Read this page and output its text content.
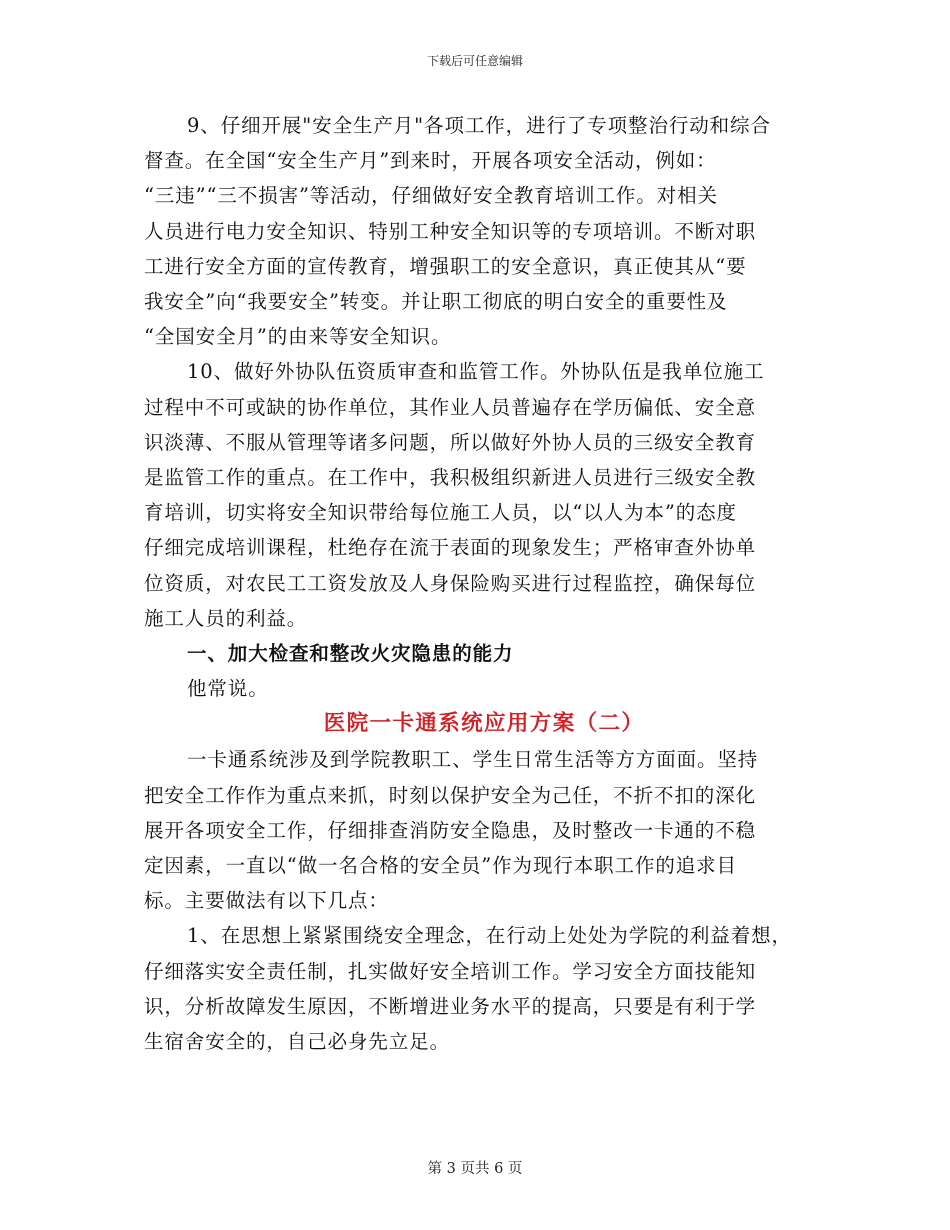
下载后可任意编辑
9、仔细开展"安全生产月"各项工作，进行了专项整治行动和综合
督查。在全国“安全生产月”到来时，开展各项安全活动，例如：
“三违”“三不损害”等活动，仔细做好安全教育培训工作。对相关
人员进行电力安全知识、特别工种安全知识等的专项培训。不断对职
工进行安全方面的宣传教育，增强职工的安全意识，真正使其从“要
我安全”向“我要安全”转变。并让职工彻底的明白安全的重要性及
“全国安全月”的由来等安全知识。
10、做好外协队伍资质审查和监管工作。外协队伍是我单位施工
过程中不可或缺的协作单位，其作业人员普遍存在学历偏低、安全意
识淡薄、不服从管理等诸多问题，所以做好外协人员的三级安全教育
是监管工作的重点。在工作中，我积极组织新进人员进行三级安全教
育培训，切实将安全知识带给每位施工人员，以“以人为本”的态度
仔细完成培训课程，杜绝存在流于表面的现象发生；严格审查外协单
位资质，对农民工工资发放及人身保险购买进行过程监控，确保每位
施工人员的利益。

一、加大检查和整改火灾隐患的能力

他常说。

医院一卡通系统应用方案（二）
一卡通系统涉及到学院教职工、学生日常生活等方方面面。坚持
把安全工作作为重点来抓，时刻以保护安全为己任，不折不扣的深化
展开各项安全工作，仔细排查消防安全隐患，及时整改一卡通的不稳
定因素，一直以“做一名合格的安全员”作为现行本职工作的追求目
标。主要做法有以下几点：
1、在思想上紧紧围绕安全理念，在行动上处处为学院的利益着想，
仔细落实安全责任制，扎实做好安全培训工作。学习安全方面技能知
识，分析故障发生原因，不断增进业务水平的提高，只要是有利于学
生宿舍安全的，自己必身先立足。
第 3 页共 6 页
